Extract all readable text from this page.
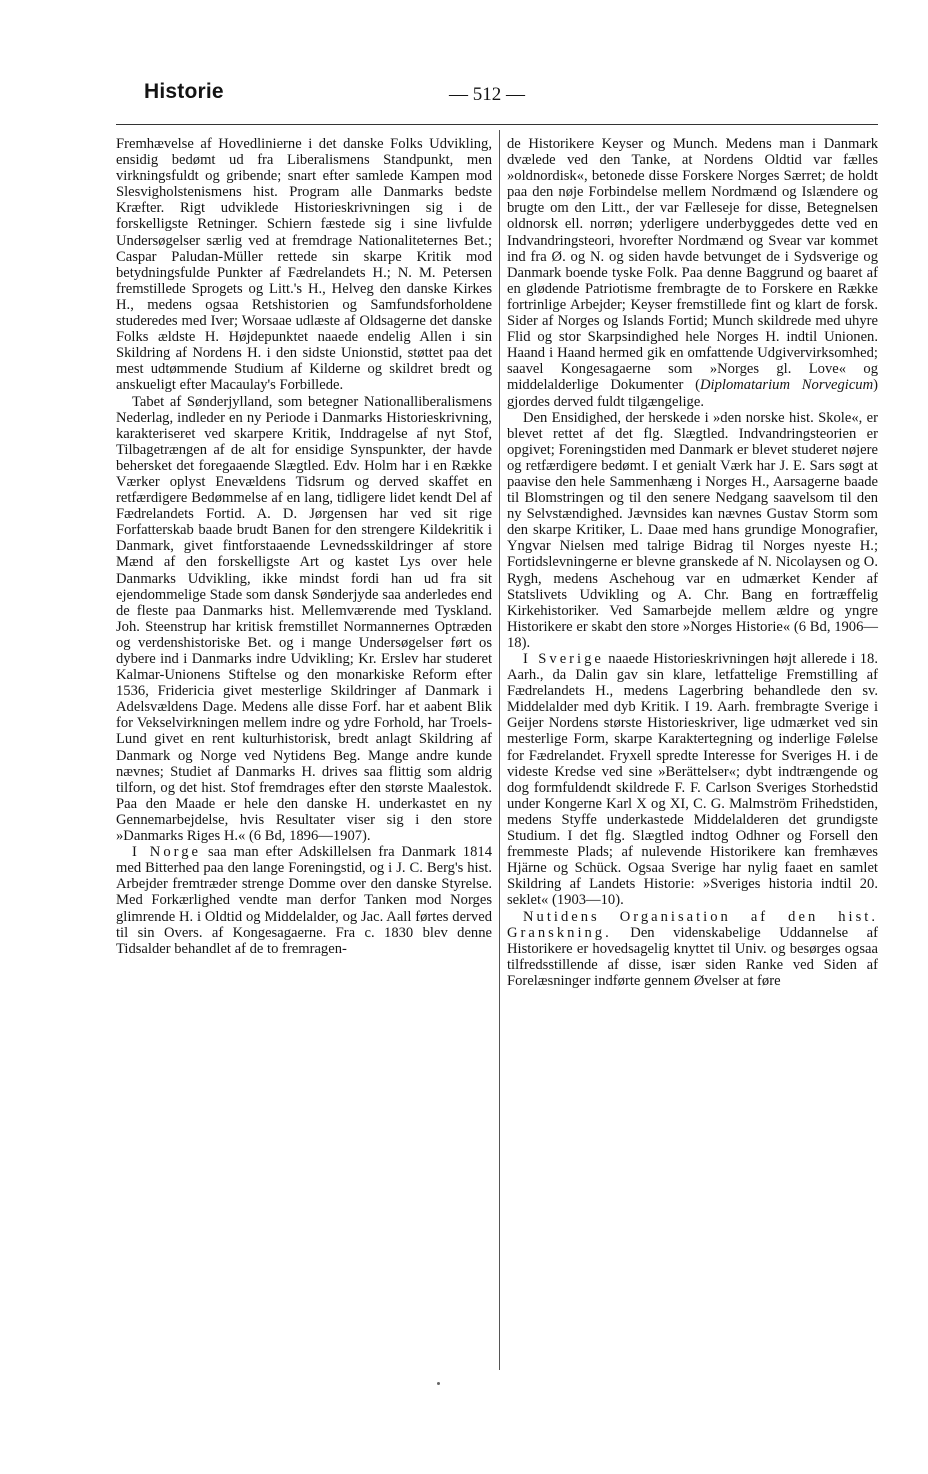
Historie	— 512 —

Fremhævelse af Hovedlinierne i det danske Folks Udvikling, ensidig bedømt ud fra Liberalismens Standpunkt, men virkningsfuldt og gribende; snart efter samlede Kampen mod Slesvigholstenismens hist. Program alle Danmarks bedste Kræfter. Rigt udviklede Historieskrivningen sig i de forskelligste Retninger. Schiern fæstede sig i sine livfulde Undersøgelser særlig ved at fremdrage Nationaliteternes Bet.; Caspar Paludan-Müller rettede sin skarpe Kritik mod betydningsfulde Punkter af Fædrelandets H.; N. M. Petersen fremstillede Sprogets og Litt.'s H., Helveg den danske Kirkes H., medens ogsaa Retshistorien og Samfundsforholdene studeredes med Iver; Worsaae udlæste af Oldsagerne det danske Folks ældste H. Højdepunktet naaede endelig Allen i sin Skildring af Nordens H. i den sidste Unionstid, støttet paa det mest udtømmende Studium af Kilderne og skildret bredt og anskueligt efter Macaulay's Forbillede.

Tabet af Sønderjylland, som betegner Nationalliberalismens Nederlag, indleder en ny Periode i Danmarks Historieskrivning, karakteriseret ved skarpere Kritik, Inddragelse af nyt Stof, Tilbagetrængen af de alt for ensidige Synspunkter, der havde behersket det foregaaende Slægtled. Edv. Holm har i en Række Værker oplyst Enevældens Tidsrum og derved skaffet en retfærdigere Bedømmelse af en lang, tidligere lidet kendt Del af Fædrelandets Fortid. A. D. Jørgensen har ved sit rige Forfatterskab baade brudt Banen for den strengere Kildekritik i Danmark, givet fintforstaaende Levnedsskildringer af store Mænd af den forskelligste Art og kastet Lys over hele Danmarks Udvikling, ikke mindst fordi han ud fra sit ejendommelige Stade som dansk Sønderjyde saa anderledes end de fleste paa Danmarks hist. Mellemværende med Tyskland. Joh. Steenstrup har kritisk fremstillet Normannernes Optræden og verdenshistoriske Bet. og i mange Undersøgelser ført os dybere ind i Danmarks indre Udvikling; Kr. Erslev har studeret Kalmar-Unionens Stiftelse og den monarkiske Reform efter 1536, Fridericia givet mesterlige Skildringer af Danmark i Adelsvældens Dage. Medens alle disse Forf. har et aabent Blik for Vekselvirkningen mellem indre og ydre Forhold, har Troels-Lund givet en rent kulturhistorisk, bredt anlagt Skildring af Danmark og Norge ved Nytidens Beg. Mange andre kunde nævnes; Studiet af Danmarks H. drives saa flittig som aldrig tilforn, og det hist. Stof fremdrages efter den største Maalestok. Paa den Maade er hele den danske H. underkastet en ny Gennemarbejdelse, hvis Resultater viser sig i den store »Danmarks Riges H.« (6 Bd, 1896—1907).

I Norge saa man efter Adskillelsen fra Danmark 1814 med Bitterhed paa den lange Foreningstid, og i J. C. Berg's hist. Arbejder fremtræder strenge Domme over den danske Styrelse. Med Forkærlighed vendte man derfor Tanken mod Norges glimrende H. i Oldtid og Middelalder, og Jac. Aall førtes derved til sin Overs. af Kongesagaerne. Fra c. 1830 blev denne Tidsalder behandlet af de to fremragen-

de Historikere Keyser og Munch. Medens man i Danmark dvælede ved den Tanke, at Nordens Oldtid var fælles »oldnordisk«, betonede disse Forskere Norges Særret; de holdt paa den nøje Forbindelse mellem Nordmænd og Islændere og brugte om den Litt., der var Fælleseje for disse, Betegnelsen oldnorsk ell. norrøn; yderligere underbyggedes dette ved en Indvandringsteori, hvorefter Nordmænd og Svear var kommet ind fra Ø. og N. og siden havde betvunget de i Sydsverige og Danmark boende tyske Folk. Paa denne Baggrund og baaret af en glødende Patriotisme frembragte de to Forskere en Række fortrinlige Arbejder; Keyser fremstillede fint og klart de forsk. Sider af Norges og Islands Fortid; Munch skildrede med uhyre Flid og stor Skarpsindighed hele Norges H. indtil Unionen. Haand i Haand hermed gik en omfattende Udgivervirksomhed; saavel Kongesagaerne som »Norges gl. Love« og middelalderlige Dokumenter (Diplomatarium Norvegicum) gjordes derved fuldt tilgængelige.

Den Ensidighed, der herskede i »den norske hist. Skole«, er blevet rettet af det flg. Slægtled. Indvandringsteorien er opgivet; Foreningstiden med Danmark er blevet studeret nøjere og retfærdigere bedømt. I et genialt Værk har J. E. Sars søgt at paavise den hele Sammenhæng i Norges H., Aarsagerne baade til Blomstringen og til den senere Nedgang saavelsom til den ny Selvstændighed. Jævnsides kan nævnes Gustav Storm som den skarpe Kritiker, L. Daae med hans grundige Monografier, Yngvar Nielsen med talrige Bidrag til Norges nyeste H.; Fortidslevningerne er blevne granskede af N. Nicolaysen og O. Rygh, medens Aschehoug var en udmærket Kender af Statslivets Udvikling og A. Chr. Bang en fortræffelig Kirkehistoriker. Ved Samarbejde mellem ældre og yngre Historikere er skabt den store »Norges Historie« (6 Bd, 1906—18).

I Sverige naaede Historieskrivningen højt allerede i 18. Aarh., da Dalin gav sin klare, letfattelige Fremstilling af Fædrelandets H., medens Lagerbring behandlede den sv. Middelalder med dyb Kritik. I 19. Aarh. frembragte Sverige i Geijer Nordens største Historieskriver, lige udmærket ved sin mesterlige Form, skarpe Karaktertegning og inderlige Følelse for Fædrelandet. Fryxell spredte Interesse for Sveriges H. i de videste Kredse ved sine »Berättelser«; dybt indtrængende og dog formfuldendt skildrede F. F. Carlson Sveriges Storhedstid under Kongerne Karl X og XI, C. G. Malmström Frihedstiden, medens Styffe underkastede Middelalderen det grundigste Studium. I det flg. Slægtled indtog Odhner og Forsell den fremmeste Plads; af nulevende Historikere kan fremhæves Hjärne og Schück. Ogsaa Sverige har nylig faaet en samlet Skildring af Landets Historie: »Sveriges historia indtil 20. seklet« (1903—10).

Nutidens Organisation af den hist. Granskning. Den videnskabelige Uddannelse af Historikere er hovedsagelig knyttet til Univ. og besørges ogsaa tilfredsstillende af disse, især siden Ranke ved Siden af Forelæsninger indførte gennem Øvelser at føre
